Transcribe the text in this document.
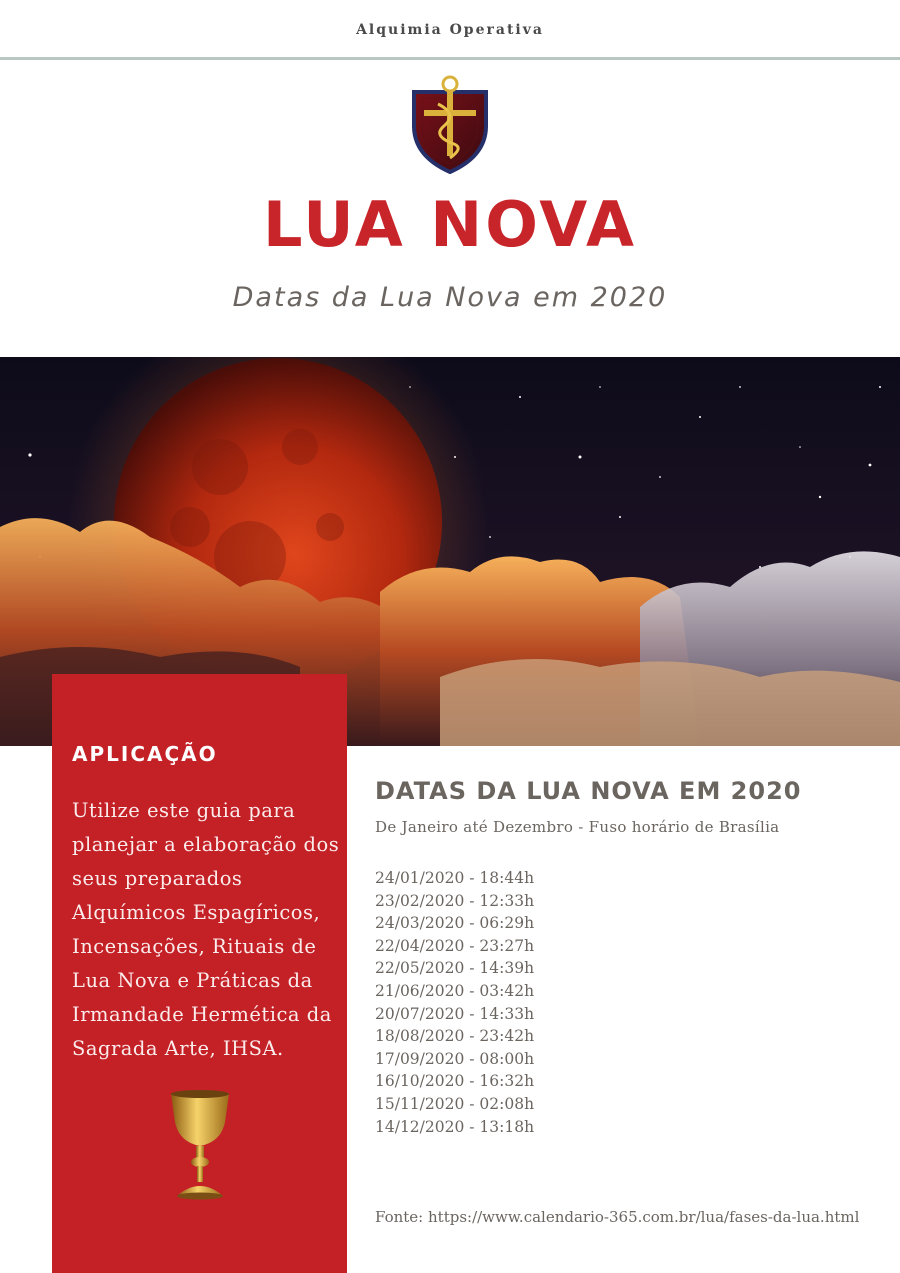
Alquimia Operativa
LUA NOVA
Datas da Lua Nova em 2020
APLICAÇÃO
Utilize este guia para planejar a elaboração dos seus preparados Alquímicos Espagíricos, Incensações, Rituais de Lua Nova e Práticas da Irmandade Hermética da Sagrada Arte, IHSA.
DATAS DA LUA NOVA EM 2020
De Janeiro até Dezembro - Fuso horário de Brasília
24/01/2020 - 18:44h
23/02/2020 - 12:33h
24/03/2020 - 06:29h
22/04/2020 - 23:27h
22/05/2020 - 14:39h
21/06/2020 - 03:42h
20/07/2020 - 14:33h
18/08/2020 - 23:42h
17/09/2020 - 08:00h
16/10/2020 - 16:32h
15/11/2020 - 02:08h
14/12/2020 - 13:18h
Fonte: https://www.calendario-365.com.br/lua/fases-da-lua.html
